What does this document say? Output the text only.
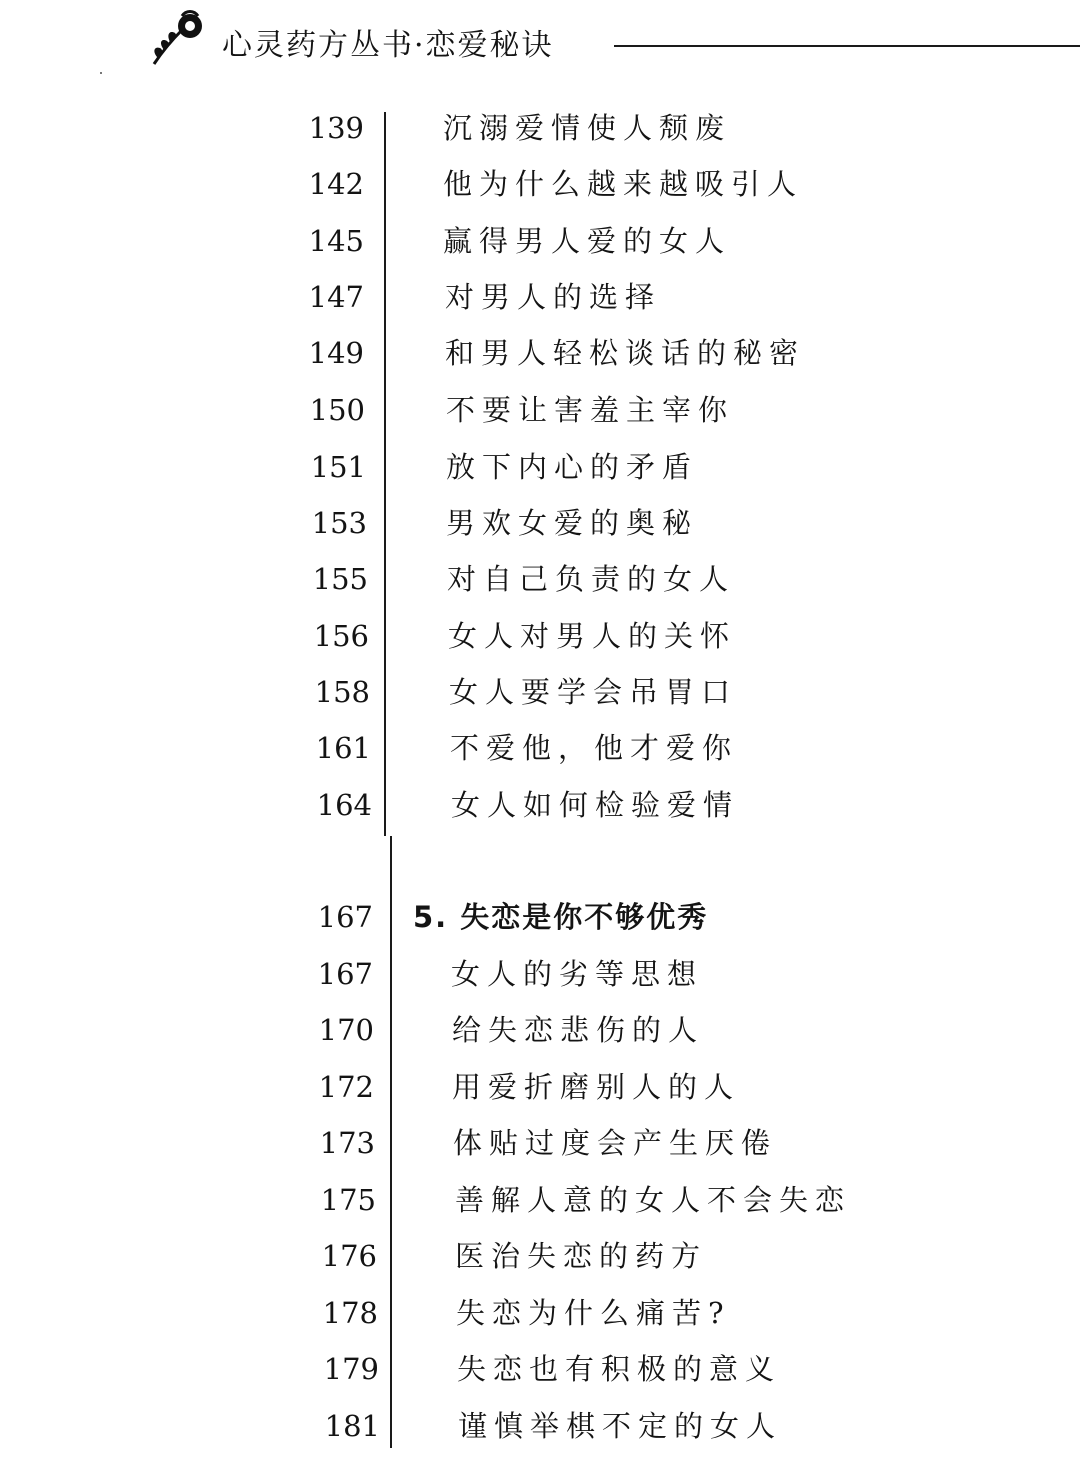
心灵药方丛书·恋爱秘诀
139	沉溺爱情使人颓废
142	他为什么越来越吸引人
145	赢得男人爱的女人
147	对男人的选择
149	和男人轻松谈话的秘密
150	不要让害羞主宰你
151	放下内心的矛盾
153	男欢女爱的奥秘
155	对自己负责的女人
156	女人对男人的关怀
158	女人要学会吊胃口
161	不爱他，他才爱你
164	女人如何检验爱情
167 5. 失恋是你不够优秀
167	女人的劣等思想
170	给失恋悲伤的人
172	用爱折磨别人的人
173	体贴过度会产生厌倦
175	善解人意的女人不会失恋
176	医治失恋的药方
178	失恋为什么痛苦?
179	失恋也有积极的意义
181	谨慎举棋不定的女人
